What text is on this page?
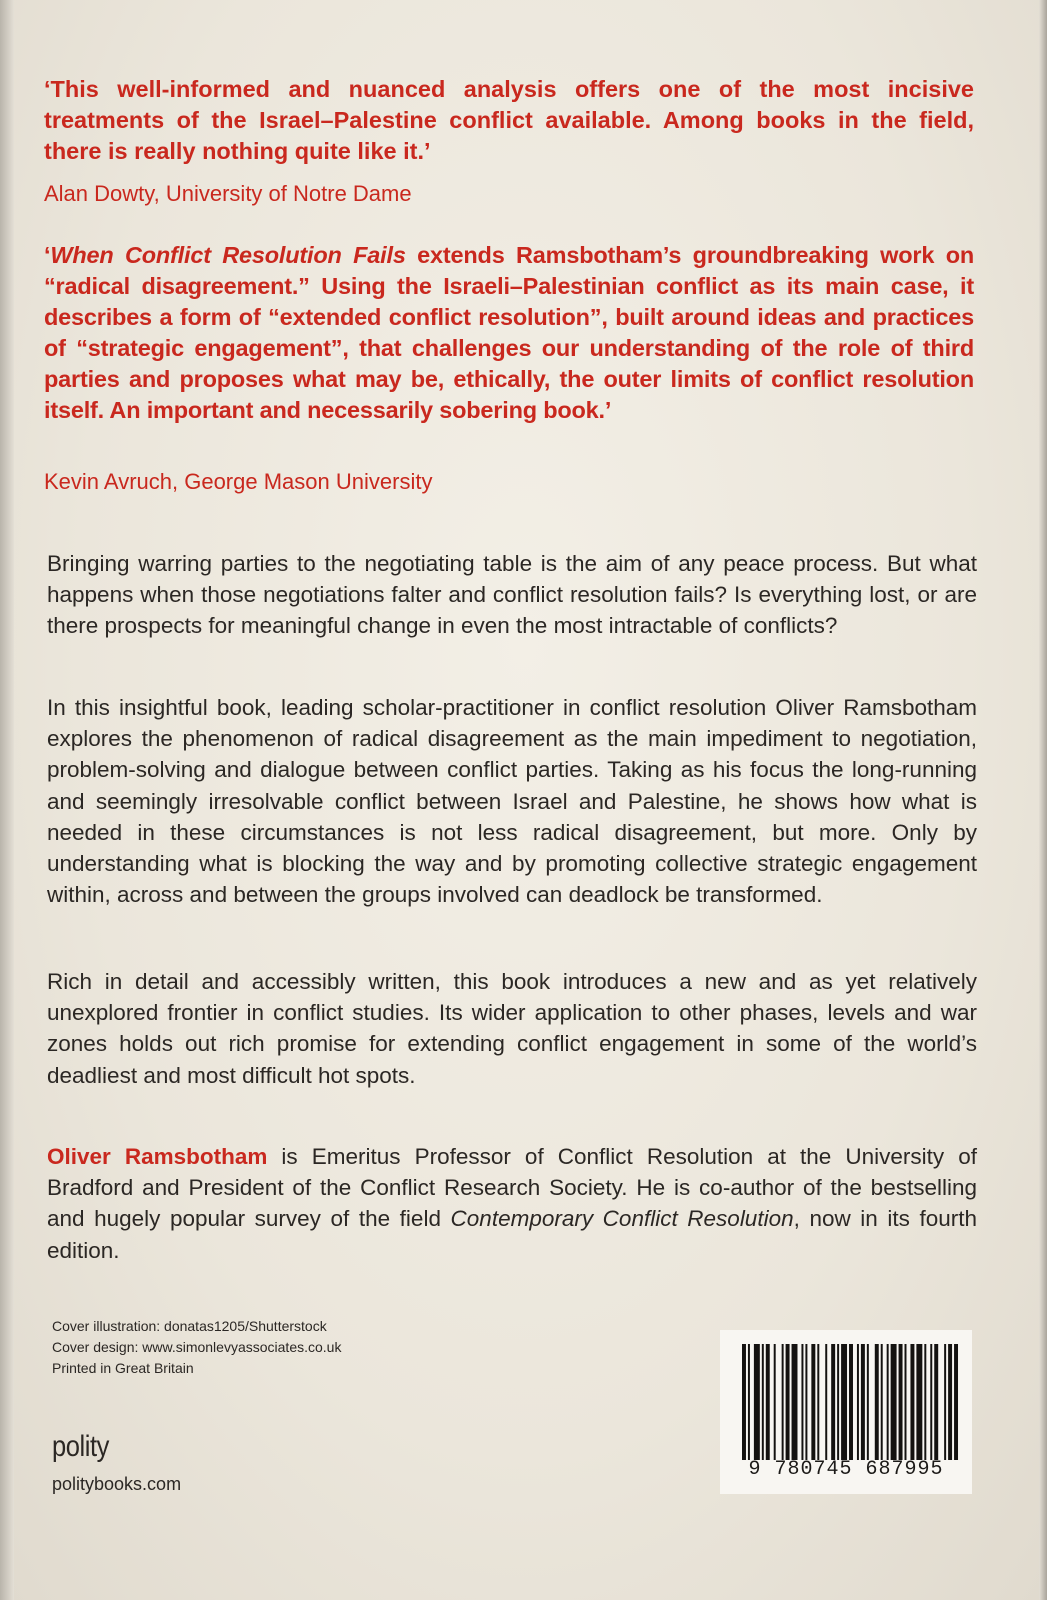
‘This well-informed and nuanced analysis offers one of the most incisive treatments of the Israel–Palestine conflict available. Among books in the field, there is really nothing quite like it.’
Alan Dowty, University of Notre Dame
‘When Conflict Resolution Fails extends Ramsbotham’s groundbreaking work on “radical disagreement.” Using the Israeli–Palestinian conflict as its main case, it describes a form of “extended conflict resolution”, built around ideas and practices of “strategic engagement”, that challenges our understanding of the role of third parties and proposes what may be, ethically, the outer limits of conflict resolution itself. An important and necessarily sobering book.’
Kevin Avruch, George Mason University
Bringing warring parties to the negotiating table is the aim of any peace process. But what happens when those negotiations falter and conflict resolution fails? Is everything lost, or are there prospects for meaningful change in even the most intractable of conflicts?
In this insightful book, leading scholar-practitioner in conflict resolution Oliver Ramsbotham explores the phenomenon of radical disagreement as the main impediment to negotiation, problem-solving and dialogue between conflict parties. Taking as his focus the long-running and seemingly irresolvable conflict between Israel and Palestine, he shows how what is needed in these circumstances is not less radical disagreement, but more. Only by understanding what is blocking the way and by promoting collective strategic engagement within, across and between the groups involved can deadlock be transformed.
Rich in detail and accessibly written, this book introduces a new and as yet relatively unexplored frontier in conflict studies. Its wider application to other phases, levels and war zones holds out rich promise for extending conflict engagement in some of the world’s deadliest and most difficult hot spots.
Oliver Ramsbotham is Emeritus Professor of Conflict Resolution at the University of Bradford and President of the Conflict Research Society. He is co-author of the bestselling and hugely popular survey of the field Contemporary Conflict Resolution, now in its fourth edition.
Cover illustration: donatas1205/Shutterstock
Cover design: www.simonlevyassociates.co.uk
Printed in Great Britain
polity
politybooks.com
9 780745 687995
